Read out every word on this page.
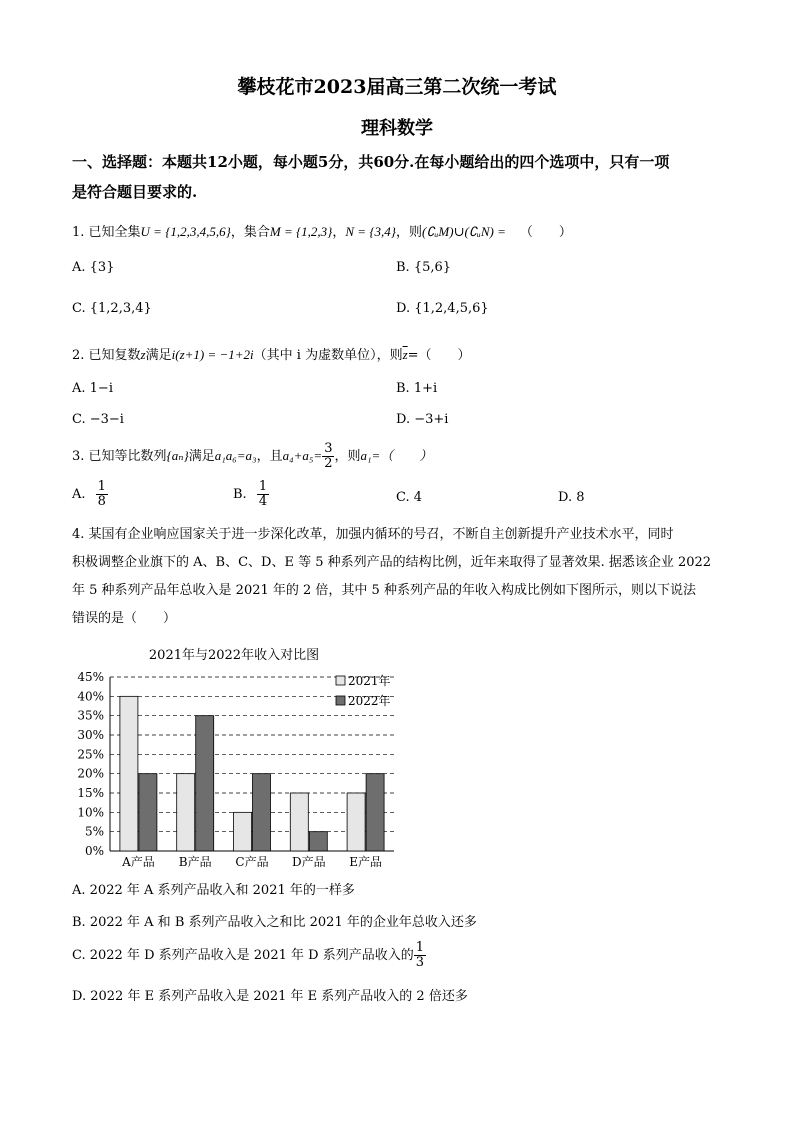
攀枝花市2023届高三第二次统一考试
理科数学
一、选择题：本题共12小题，每小题5分，共60分.在每小题给出的四个选项中，只有一项
是符合题目要求的.
1. 已知全集U = {1,2,3,4,5,6}，集合M = {1,2,3}，N = {3,4}，则(∁ᵤM)∪(∁ᵤN) = （　　）
A. {3}	B. {5,6}
C. {1,2,3,4}	D. {1,2,4,5,6}
2. 已知复数z满足i(z+1) = −1+2i（其中 i 为虚数单位），则$\overline{z}=$（　　）
A. 1−i	B. 1+i
C. −3−i	D. −3+i
3. 已知等比数列{aₙ}满足a₁a₆=a₃，且$a_4+a_5= \frac{3}{2}$ ，则a₁=（　　）
A. $\frac{1}{8}$	B. $\frac{1}{4}$	C. 4	D. 8
4. 某国有企业响应国家关于进一步深化改革，加强内循环的号召，不断自主创新提升产业技术水平，同时
积极调整企业旗下的 A、B、C、D、E 等 5 种系列产品的结构比例，近年来取得了显著效果. 据悉该企业 2022
年 5 种系列产品年总收入是 2021 年的 2 倍，其中 5 种系列产品的年收入构成比例如下图所示，则以下说法
错误的是（　　）
2021年与2022年收入对比图
0%
5%
10%
15%
20%
25%
30%
35%
40%
45%
A产品 B产品 C产品 D产品 E产品
2021年
2022年
A. 2022 年 A 系列产品收入和 2021 年的一样多
B. 2022 年 A 和 B 系列产品收入之和比 2021 年的企业年总收入还多
C. 2022 年 D 系列产品收入是 2021 年 D 系列产品收入的 $\frac{1}{3}$
D. 2022 年 E 系列产品收入是 2021 年 E 系列产品收入的 2 倍还多
